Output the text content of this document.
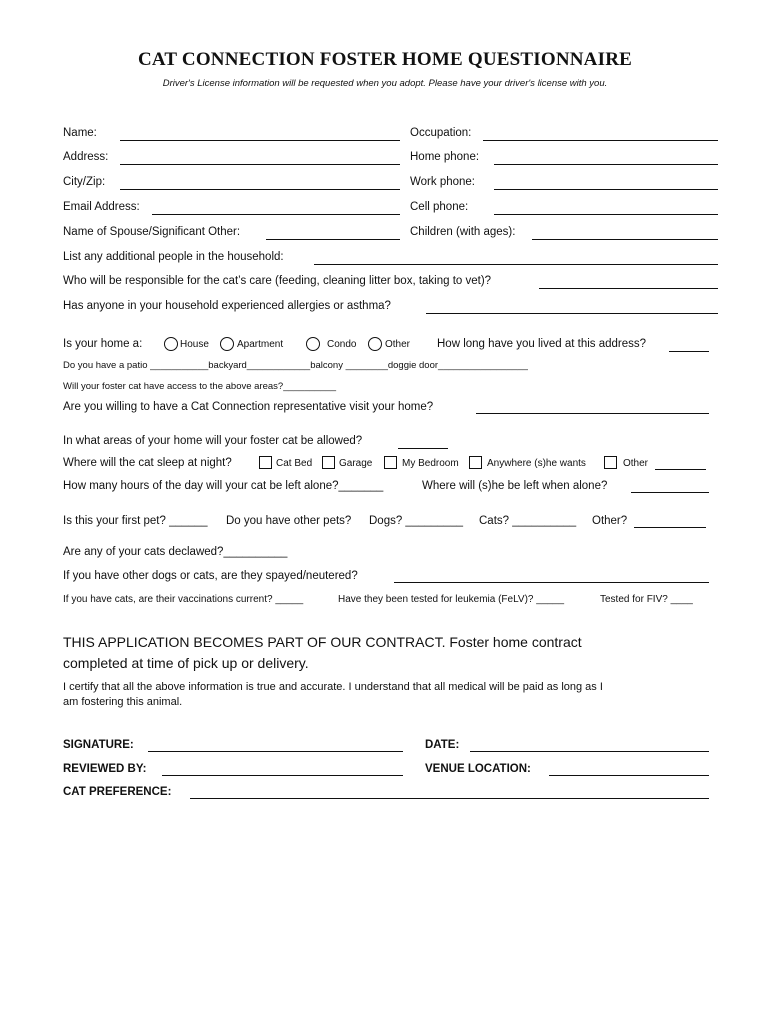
CAT CONNECTION FOSTER HOME QUESTIONNAIRE
Driver's License information will be requested when you adopt. Please have your driver's license with you.
Name:	Occupation:
Address:	Home phone:
City/Zip:	Work phone:
Email Address:	Cell phone:
Name of Spouse/Significant Other:	Children (with ages):
List any additional people in the household:
Who will be responsible for the cat’s care (feeding, cleaning litter box, taking to vet)?
Has anyone in your household experienced allergies or asthma?
Is your home a:	House	Apartment	Condo	Other How long have you lived at this address?
Do you have a patio ___________backyard____________balcony ________doggie door_________________
Will your foster cat have access to the above areas?__________
Are you willing to have a Cat Connection representative visit your home?
In what areas of your home will your foster cat be allowed?
Where will the cat sleep at night?	Cat Bed	Garage	My Bedroom	Anywhere (s)he wants	Other
How many hours of the day will your cat be left alone?_______	Where will (s)he be left when alone?
Is this your first pet? ______ Do you have other pets? Dogs? _________ Cats? __________ Other?
Are any of your cats declawed?__________
If you have other dogs or cats, are they spayed/neutered?
If you have cats, are their vaccinations current? _____	Have they been tested for leukemia (FeLV)? _____	Tested for FIV? ____
THIS APPLICATION BECOMES PART OF OUR CONTRACT. Foster home contract
completed at time of pick up or delivery.
I certify that all the above information is true and accurate. I understand that all medical will be paid as long as I
am fostering this animal.
SIGNATURE:	DATE:
REVIEWED BY:	VENUE LOCATION:
CAT PREFERENCE:
